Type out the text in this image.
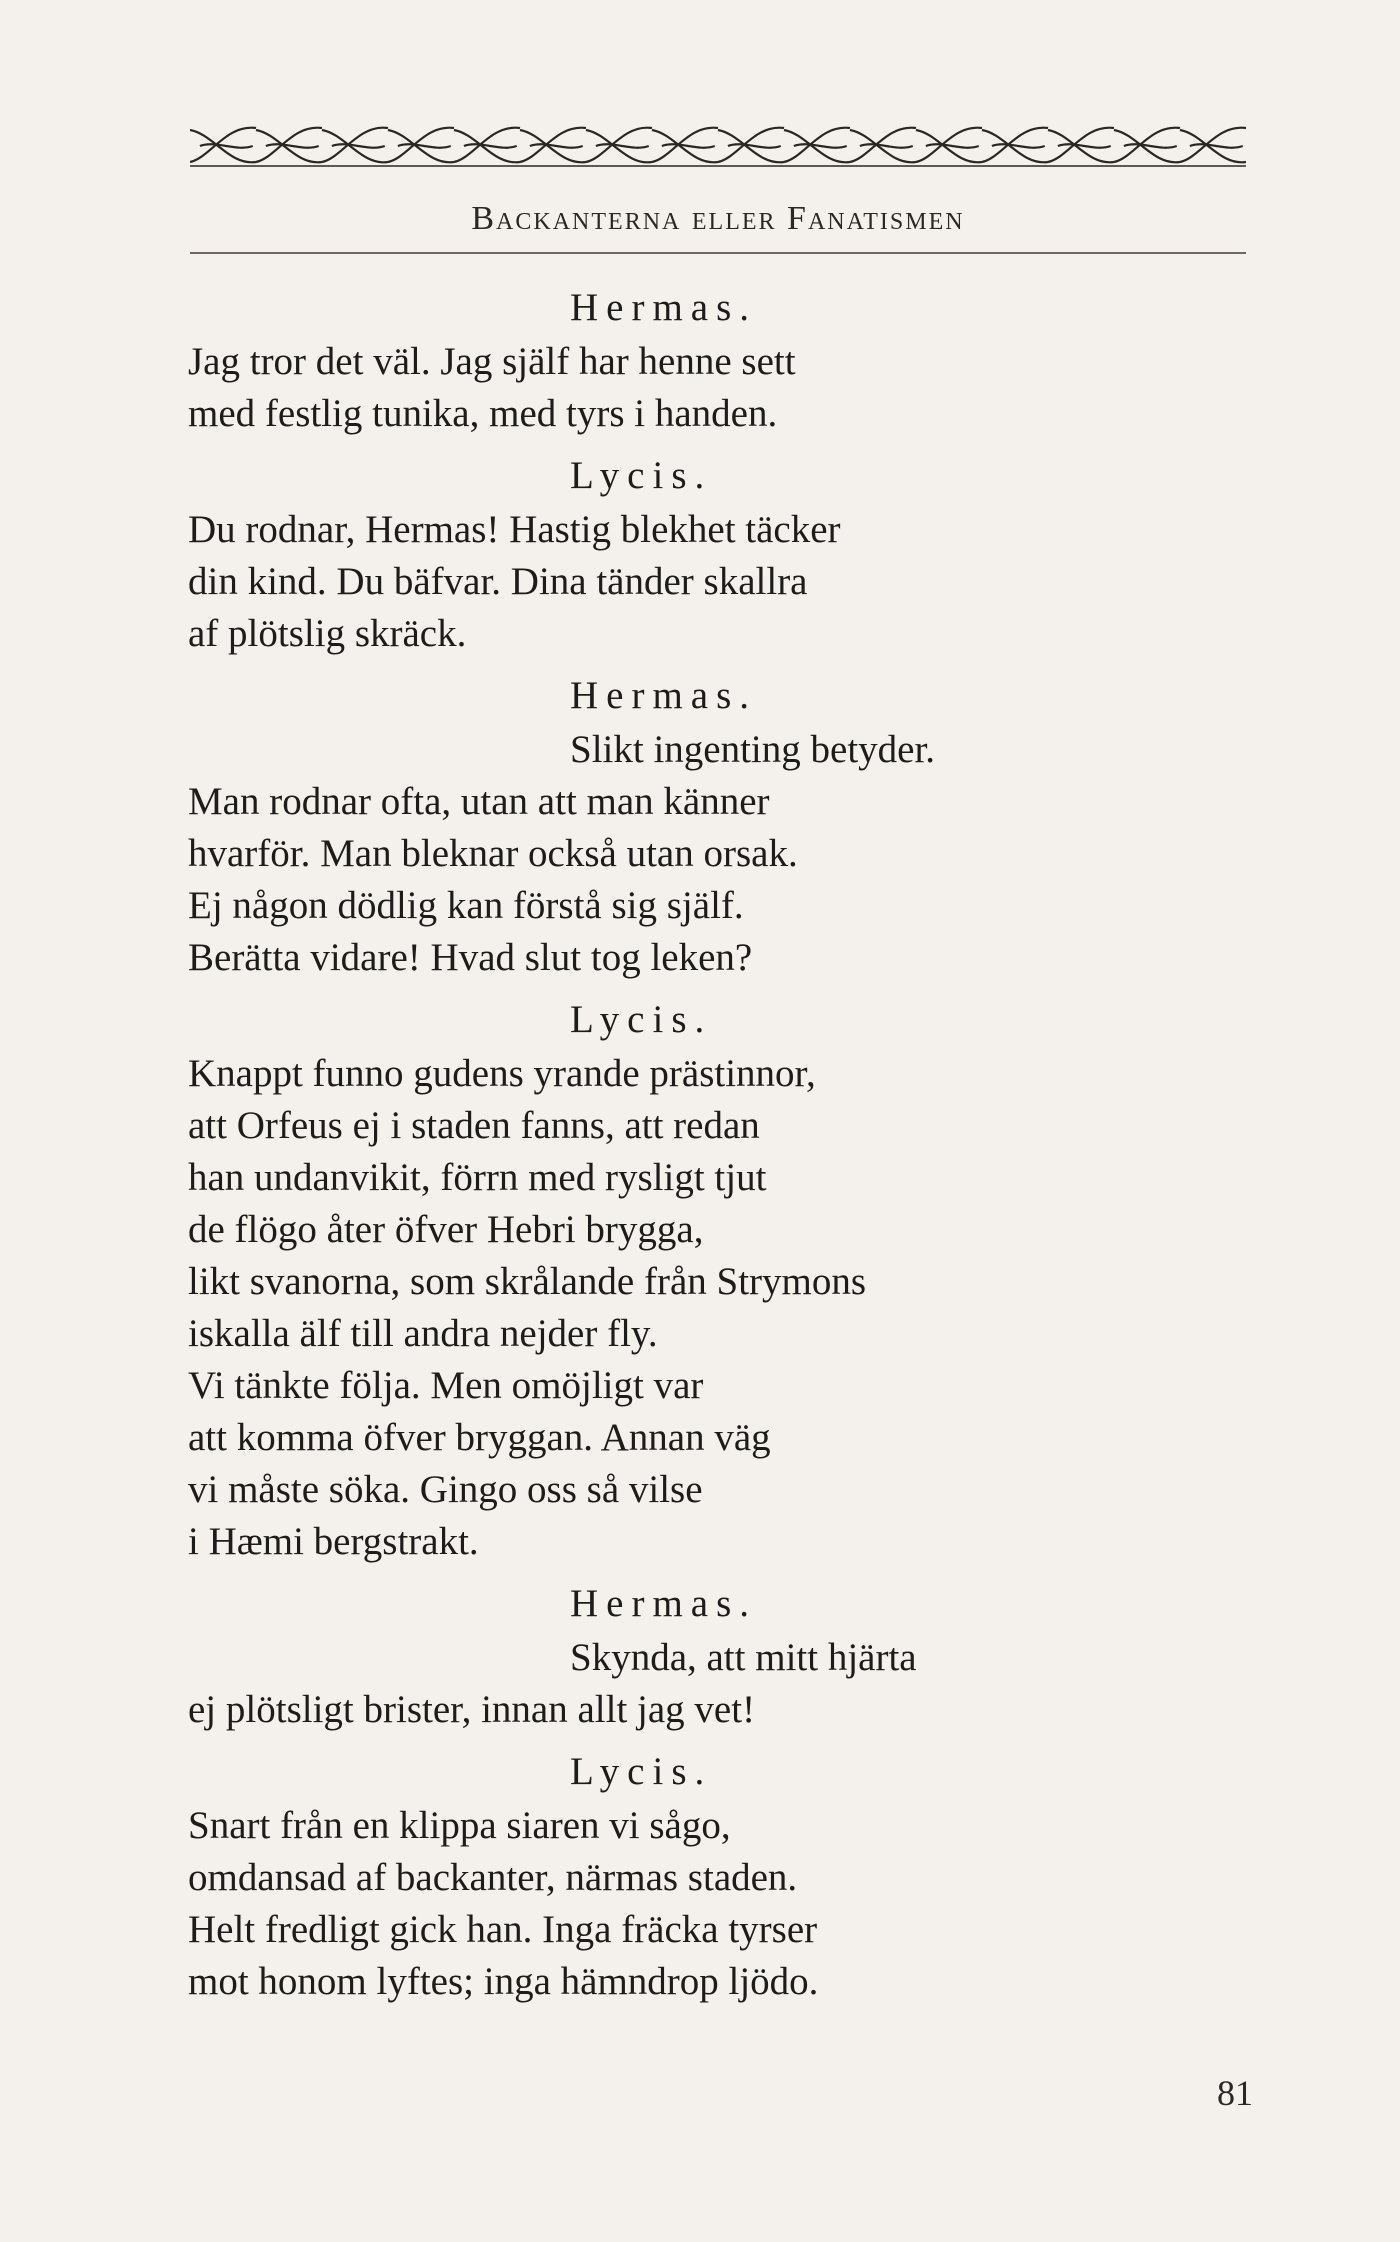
Backanterna eller Fanatismen
Hermas.
Jag tror det väl. Jag själf har henne sett
med festlig tunika, med tyrs i handen.
Lycis.
Du rodnar, Hermas! Hastig blekhet täcker
din kind. Du bäfvar. Dina tänder skallra
af plötslig skräck.
Hermas.
Slikt ingenting betyder.
Man rodnar ofta, utan att man känner
hvarför. Man bleknar också utan orsak.
Ej någon dödlig kan förstå sig själf.
Berätta vidare! Hvad slut tog leken?
Lycis.
Knappt funno gudens yrande prästinnor,
att Orfeus ej i staden fanns, att redan
han undanvikit, förrn med rysligt tjut
de flögo åter öfver Hebri brygga,
likt svanorna, som skrålande från Strymons
iskalla älf till andra nejder fly.
Vi tänkte följa. Men omöjligt var
att komma öfver bryggan. Annan väg
vi måste söka. Gingo oss så vilse
i Hæmi bergstrakt.
Hermas.
Skynda, att mitt hjärta
ej plötsligt brister, innan allt jag vet!
Lycis.
Snart från en klippa siaren vi sågo,
omdansad af backanter, närmas staden.
Helt fredligt gick han. Inga fräcka tyrser
mot honom lyftes; inga hämndrop ljödo.
81
